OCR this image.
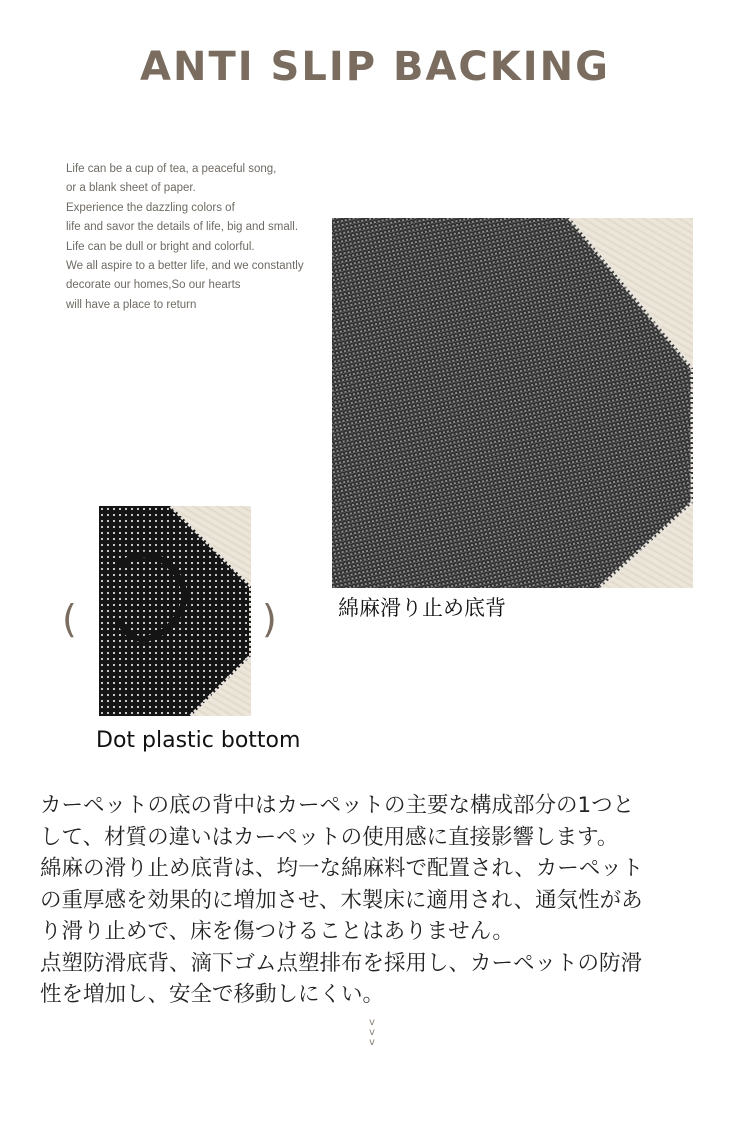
ANTI SLIP BACKING
Life can be a cup of tea, a peaceful song,
or a blank sheet of paper.
Experience the dazzling colors of
life and savor the details of life, big and small.
Life can be dull or bright and colorful.
We all aspire to a better life, and we constantly
decorate our homes,So our hearts
will have a place to return
(	)	綿麻滑り止め底背
Dot plastic bottom

カーペットの底の背中はカーペットの主要な構成部分の1つと

して、材質の違いはカーペットの使用感に直接影響します。

綿麻の滑り止め底背は、均一な綿麻料で配置され、カーペット

の重厚感を効果的に増加させ、木製床に適用され、通気性があ

り滑り止めで、床を傷つけることはありません。

点塑防滑底背、滴下ゴム点塑排布を採用し、カーペットの防滑

性を増加し、安全で移動しにくい。

v
v
v
